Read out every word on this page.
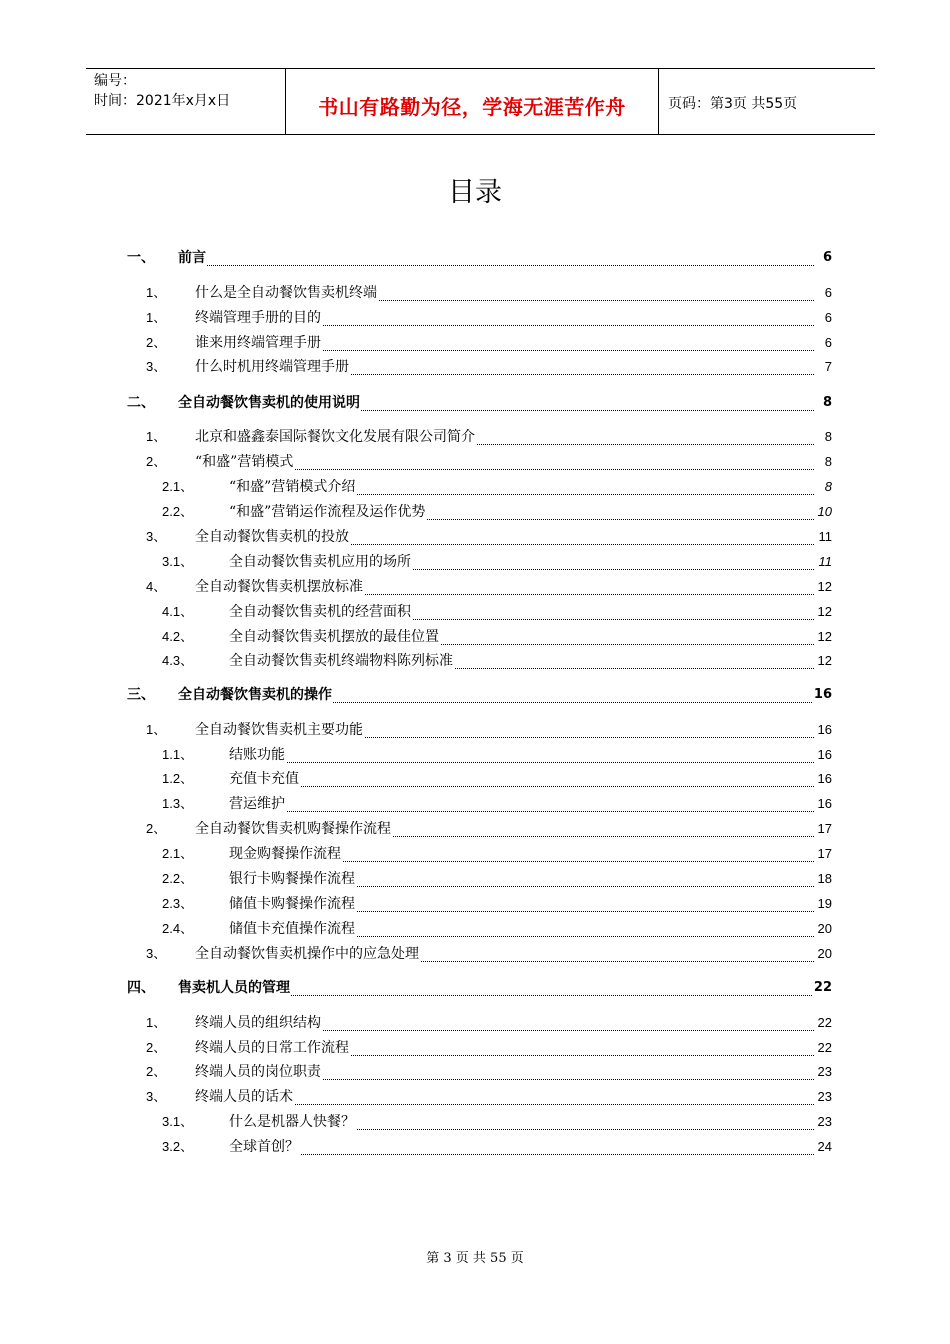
编号：
时间：2021年x月x日	书山有路勤为径，学海无涯苦作舟	页码：第3页 共55页
目录
一、 前言	6
1、 什么是全自动餐饮售卖机终端	6
1、 终端管理手册的目的	6
2、 谁来用终端管理手册	6
3、 什么时机用终端管理手册	7
二、 全自动餐饮售卖机的使用说明	8
1、 北京和盛鑫泰国际餐饮文化发展有限公司简介	8
2、 “和盛”营销模式	8
2.1、	“和盛”营销模式介绍	8
2.2、	“和盛”营销运作流程及运作优势	10
3、 全自动餐饮售卖机的投放	11
3.1、	全自动餐饮售卖机应用的场所	11
4、 全自动餐饮售卖机摆放标准	12
4.1、	全自动餐饮售卖机的经营面积	12
4.2、	全自动餐饮售卖机摆放的最佳位置	12
4.3、	全自动餐饮售卖机终端物料陈列标准	12
三、 全自动餐饮售卖机的操作	16
1、 全自动餐饮售卖机主要功能	16
1.1、	结账功能	16
1.2、	充值卡充值	16
1.3、	营运维护	16
2、 全自动餐饮售卖机购餐操作流程	17
2.1、	现金购餐操作流程	17
2.2、	银行卡购餐操作流程	18
2.3、	储值卡购餐操作流程	19
2.4、	储值卡充值操作流程	20
3、 全自动餐饮售卖机操作中的应急处理	20
四、 售卖机人员的管理	22
1、 终端人员的组织结构	22
2、 终端人员的日常工作流程	22
2、 终端人员的岗位职责	23
3、 终端人员的话术	23
3.1、	什么是机器人快餐？	23
3.2、	全球首创？	24
第 3 页 共 55 页
